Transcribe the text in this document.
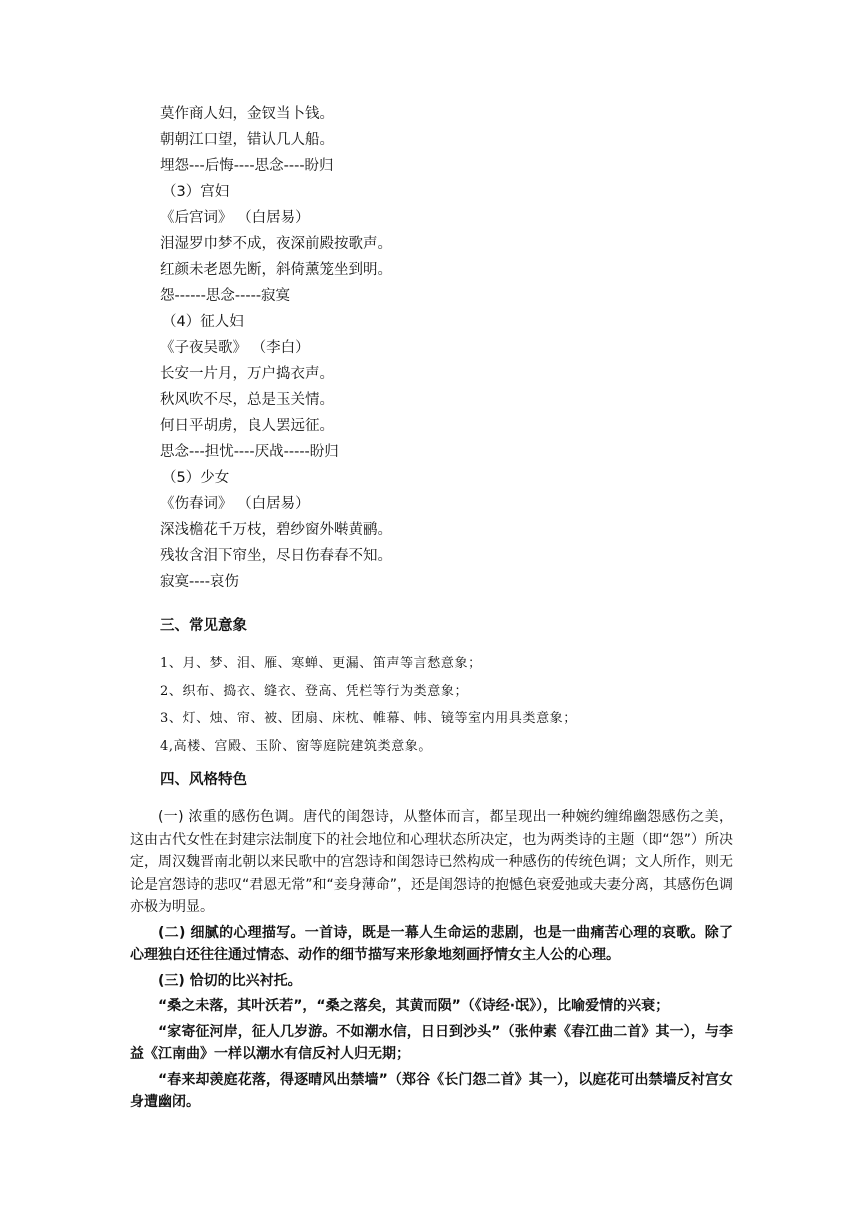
莫作商人妇，金钗当卜钱。
朝朝江口望，错认几人船。
埋怨---后悔----思念----盼归
（3）宫妇
《后宫词》 （白居易）
泪湿罗巾梦不成，夜深前殿按歌声。
红颜未老恩先断，斜倚薰笼坐到明。
怨------思念-----寂寞
（4）征人妇
《子夜吴歌》 （李白）
长安一片月，万户捣衣声。
秋风吹不尽，总是玉关情。
何日平胡虏，良人罢远征。
思念---担忧----厌战-----盼归
（5）少女
《伤春词》 （白居易）
深浅檐花千万枝，碧纱窗外啭黄鹂。
残妆含泪下帘坐，尽日伤春春不知。
寂寞----哀伤
三、常见意象
1、月、梦、泪、雁、寒蝉、更漏、笛声等言愁意象；
2、织布、捣衣、缝衣、登高、凭栏等行为类意象；
3、灯、烛、帘、被、团扇、床枕、帷幕、帏、镜等室内用具类意象；
4,高楼、宫殿、玉阶、窗等庭院建筑类意象。
四、风格特色

(一) 浓重的感伤色调。唐代的闺怨诗，从整体而言，都呈现出一种婉约缠绵幽怨感伤之美， 这由古代女性在封建宗法制度下的社会地位和心理状态所决定，也为两类诗的主题（即“怨”）所决定，周汉魏晋南北朝以来民歌中的宫怨诗和闺怨诗已然构成一种感伤的传统色调；文人所作，则无论是宫怨诗的悲叹“君恩无常”和“妾身薄命”，还是闺怨诗的抱憾色衰爱弛或夫妻分离，其感伤色调亦极为明显。

(二) 细腻的心理描写。一首诗，既是一幕人生命运的悲剧，也是一曲痛苦心理的哀歌。除了心理独白还往往通过情态、动作的细节描写来形象地刻画抒情女主人公的心理。

(三) 恰切的比兴衬托。

“桑之未落，其叶沃若”，“桑之落矣，其黄而陨”（《诗经·氓》），比喻爱情的兴衰；

“家寄征河岸，征人几岁游。不如潮水信，日日到沙头”（张仲素《春江曲二首》其一），与李益《江南曲》一样以潮水有信反衬人归无期；

“春来却羡庭花落，得逐晴风出禁墙”（郑谷《长门怨二首》其一），以庭花可出禁墙反衬宫女身遭幽闭。
